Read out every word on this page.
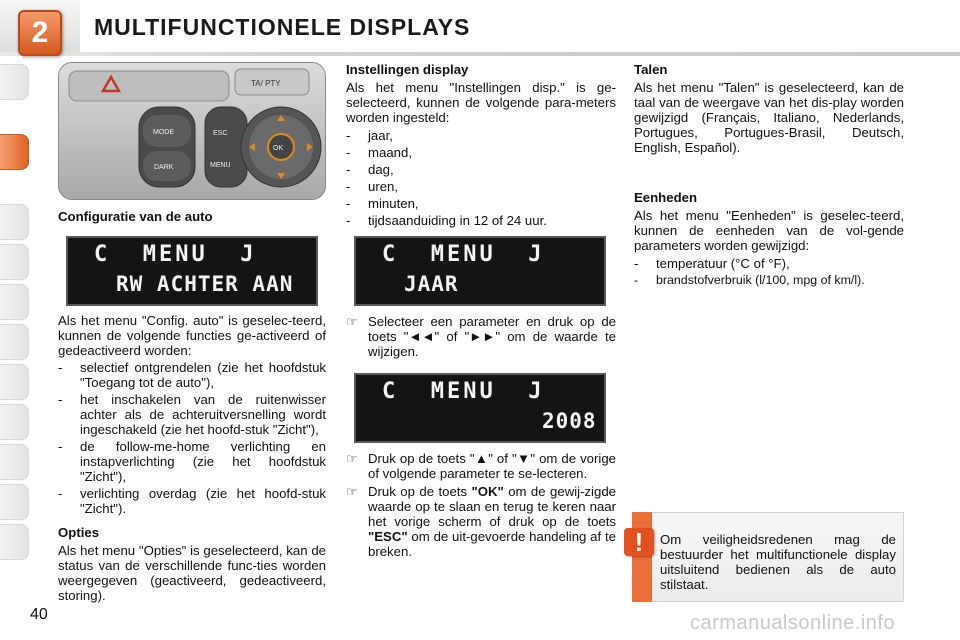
2	MULTIFUNCTIONELE DISPLAYS
TA/ PTY
MODE
DARK
ESC
MENU
OK
Configuratie van de auto
C  MENU  J
RW ACHTER AAN
Als het menu "Config. auto" is geselec-teerd, kunnen de volgende functies ge-activeerd of gedeactiveerd worden:
-	selectief ontgrendelen (zie het hoofdstuk "Toegang tot de auto"),
-	het inschakelen van de ruitenwisser achter als de achteruitversnelling wordt ingeschakeld (zie het hoofd-stuk "Zicht"),
-	de follow-me-home verlichting en instapverlichting (zie het hoofdstuk "Zicht"),
-	verlichting overdag (zie het hoofd-stuk "Zicht").
Opties
Als het menu "Opties" is geselecteerd, kan de status van de verschillende func-ties worden weergegeven (geactiveerd, gedeactiveerd, storing).
Instellingen display
Als het menu "Instellingen disp." is ge-selecteerd, kunnen de volgende para-meters worden ingesteld:
-	jaar,
-	maand,
-	dag,
-	uren,
-	minuten,
-	tijdsaanduiding in 12 of 24 uur.
C  MENU  J
JAAR
☞ Selecteer een parameter en druk op de toets "◄◄" of "►►" om de waarde te wijzigen.
C  MENU  J
2008
☞ Druk op de toets "▲" of "▼" om de vorige of volgende parameter te se-lecteren.
☞ Druk op de toets "OK" om de gewij-zigde waarde op te slaan en terug te keren naar het vorige scherm of druk op de toets "ESC" om de uit-gevoerde handeling af te breken.
Talen
Als het menu "Talen" is geselecteerd, kan de taal van de weergave van het dis-play worden gewijzigd (Français, Italiano, Nederlands, Portugues, Portugues-Brasil, Deutsch, English, Español).
Eenheden
Als het menu "Eenheden" is geselec-teerd, kunnen de eenheden van de vol-gende parameters worden gewijzigd:
-	temperatuur (°C of °F),
-	brandstofverbruik (l/100, mpg of km/l).
!	Om veiligheidsredenen mag de bestuurder het multifunctionele display uitsluitend bedienen als de auto stilstaat.
40	carmanualsonline.info
